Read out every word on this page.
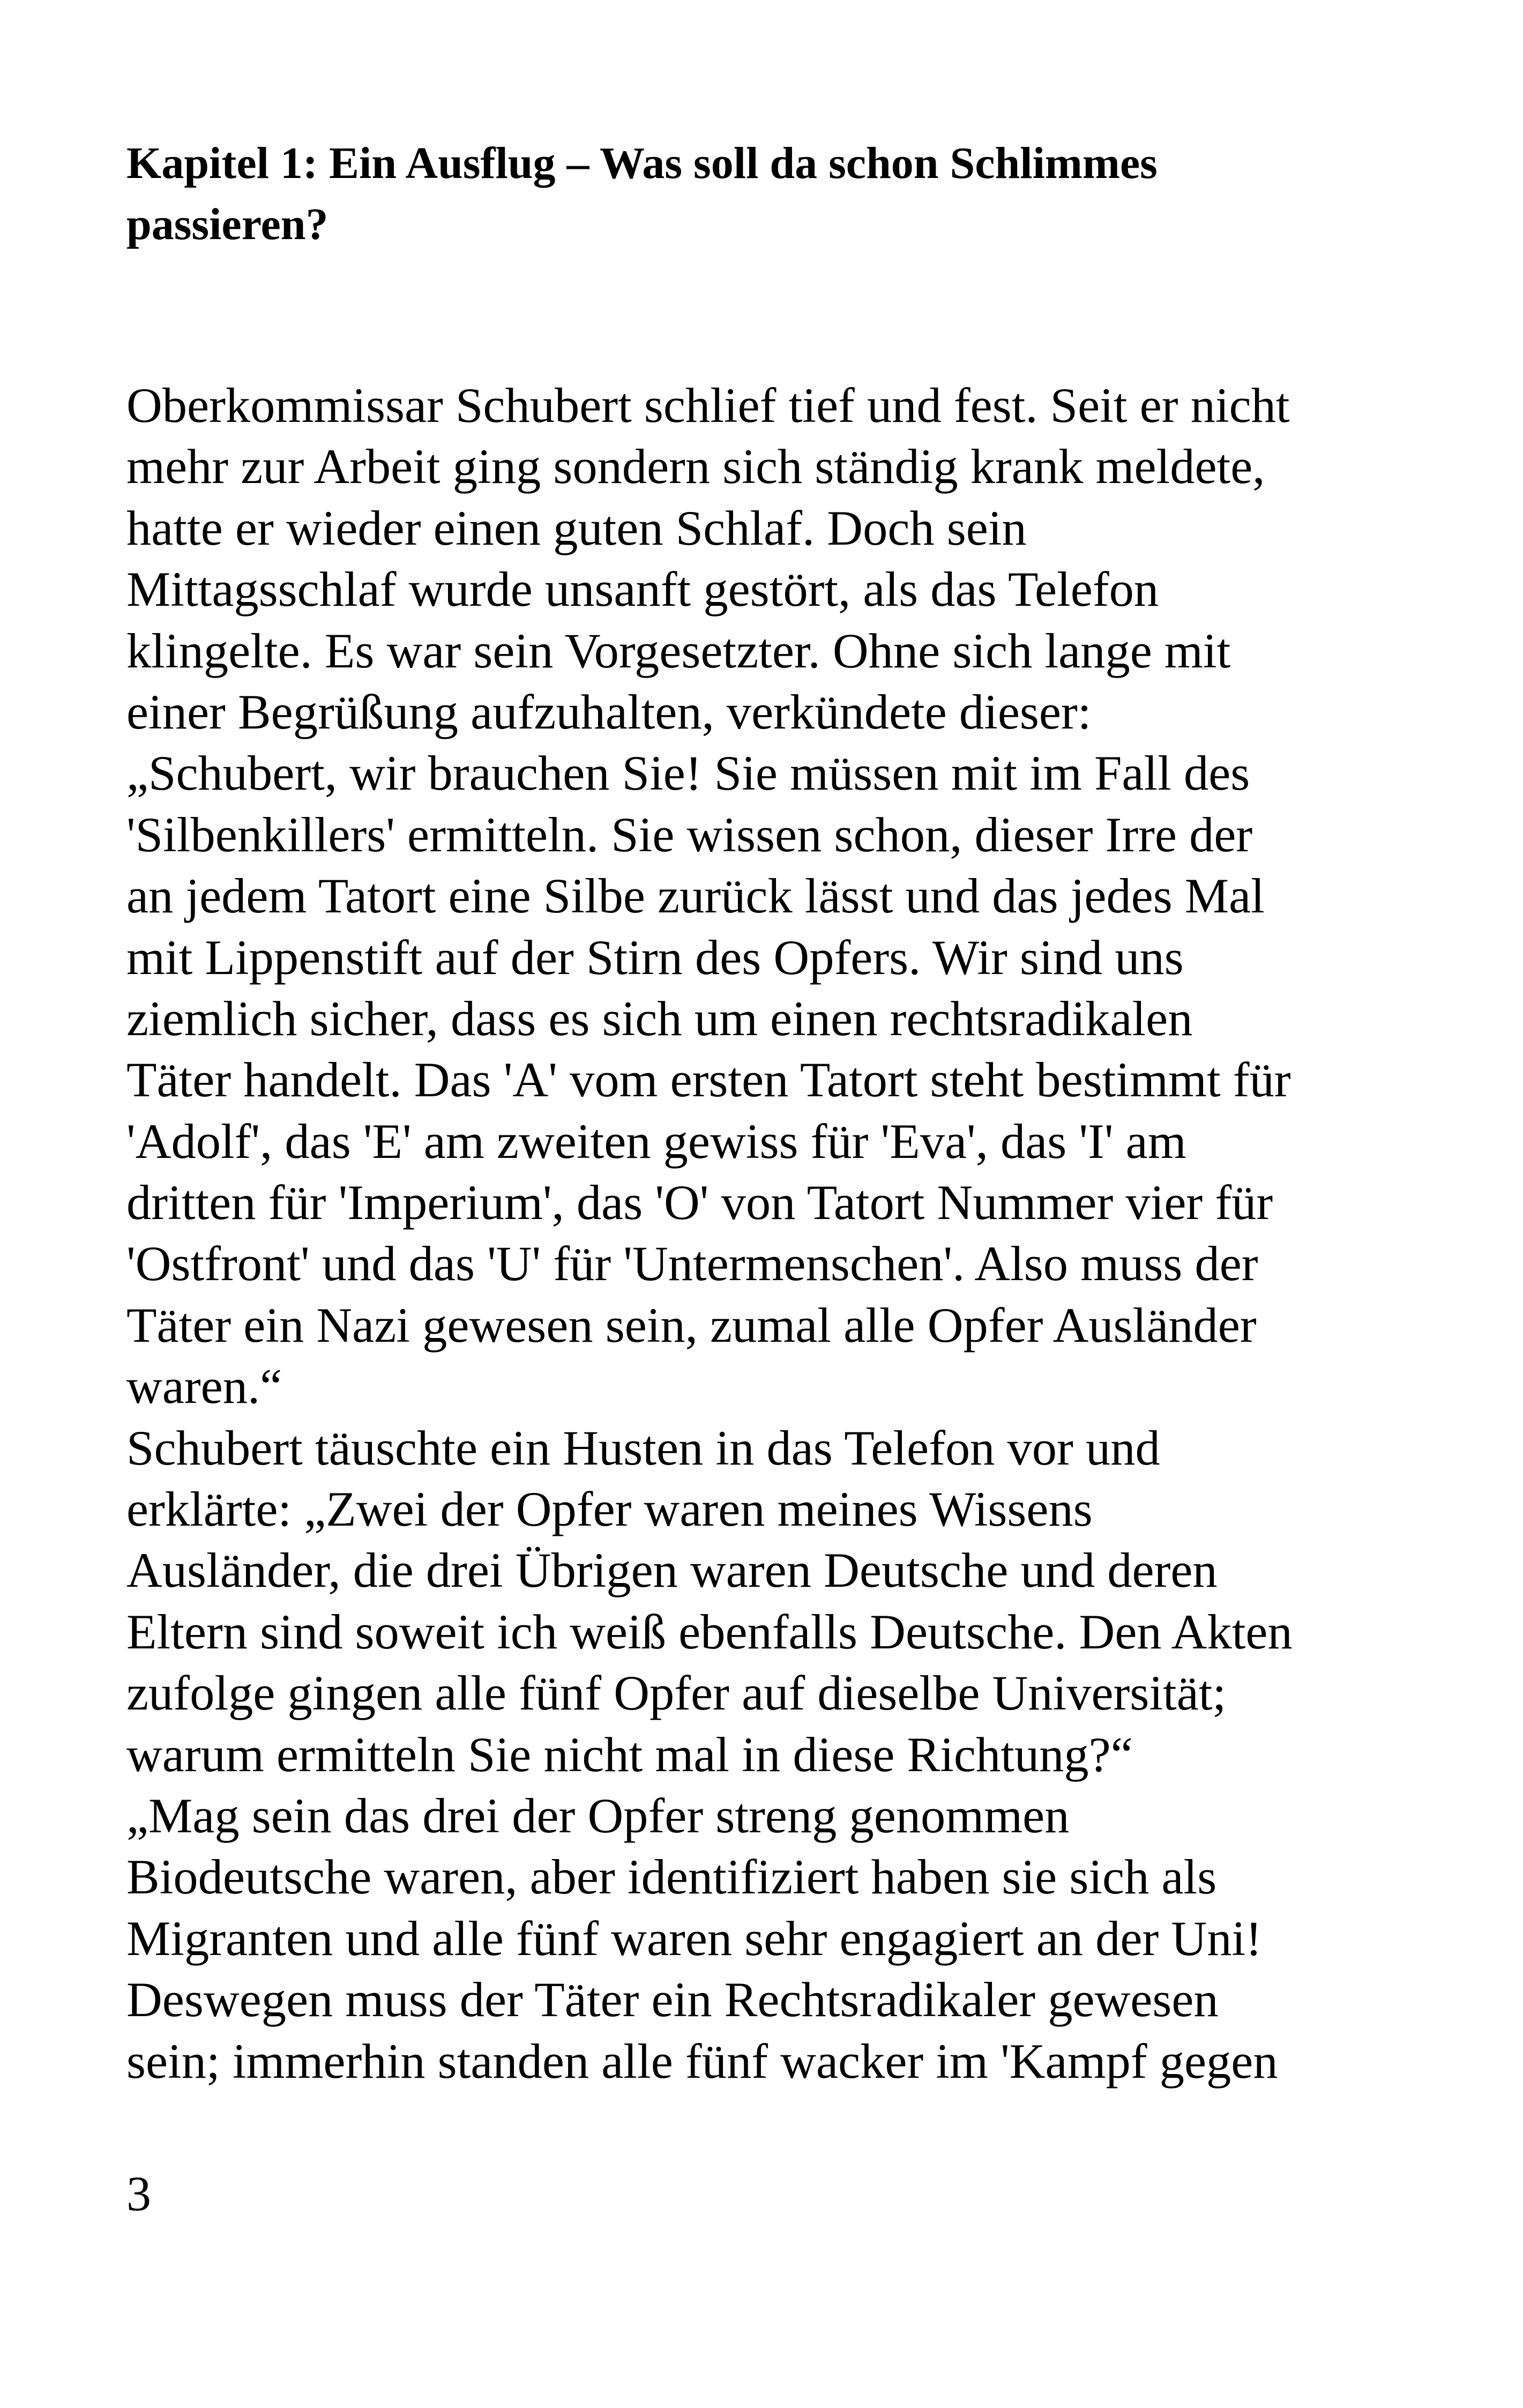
Kapitel 1: Ein Ausflug – Was soll da schon Schlimmes
passieren?
Oberkommissar Schubert schlief tief und fest. Seit er nicht
mehr zur Arbeit ging sondern sich ständig krank meldete,
hatte er wieder einen guten Schlaf. Doch sein
Mittagsschlaf wurde unsanft gestört, als das Telefon
klingelte. Es war sein Vorgesetzter. Ohne sich lange mit
einer Begrüßung aufzuhalten, verkündete dieser:
„Schubert, wir brauchen Sie! Sie müssen mit im Fall des
'Silbenkillers' ermitteln. Sie wissen schon, dieser Irre der
an jedem Tatort eine Silbe zurück lässt und das jedes Mal
mit Lippenstift auf der Stirn des Opfers. Wir sind uns
ziemlich sicher, dass es sich um einen rechtsradikalen
Täter handelt. Das 'A' vom ersten Tatort steht bestimmt für
'Adolf', das 'E' am zweiten gewiss für 'Eva', das 'I' am
dritten für 'Imperium', das 'O' von Tatort Nummer vier für
'Ostfront' und das 'U' für 'Untermenschen'. Also muss der
Täter ein Nazi gewesen sein, zumal alle Opfer Ausländer
waren.“
Schubert täuschte ein Husten in das Telefon vor und
erklärte: „Zwei der Opfer waren meines Wissens
Ausländer, die drei Übrigen waren Deutsche und deren
Eltern sind soweit ich weiß ebenfalls Deutsche. Den Akten
zufolge gingen alle fünf Opfer auf dieselbe Universität;
warum ermitteln Sie nicht mal in diese Richtung?“
„Mag sein das drei der Opfer streng genommen
Biodeutsche waren, aber identifiziert haben sie sich als
Migranten und alle fünf waren sehr engagiert an der Uni!
Deswegen muss der Täter ein Rechtsradikaler gewesen
sein; immerhin standen alle fünf wacker im 'Kampf gegen
3
